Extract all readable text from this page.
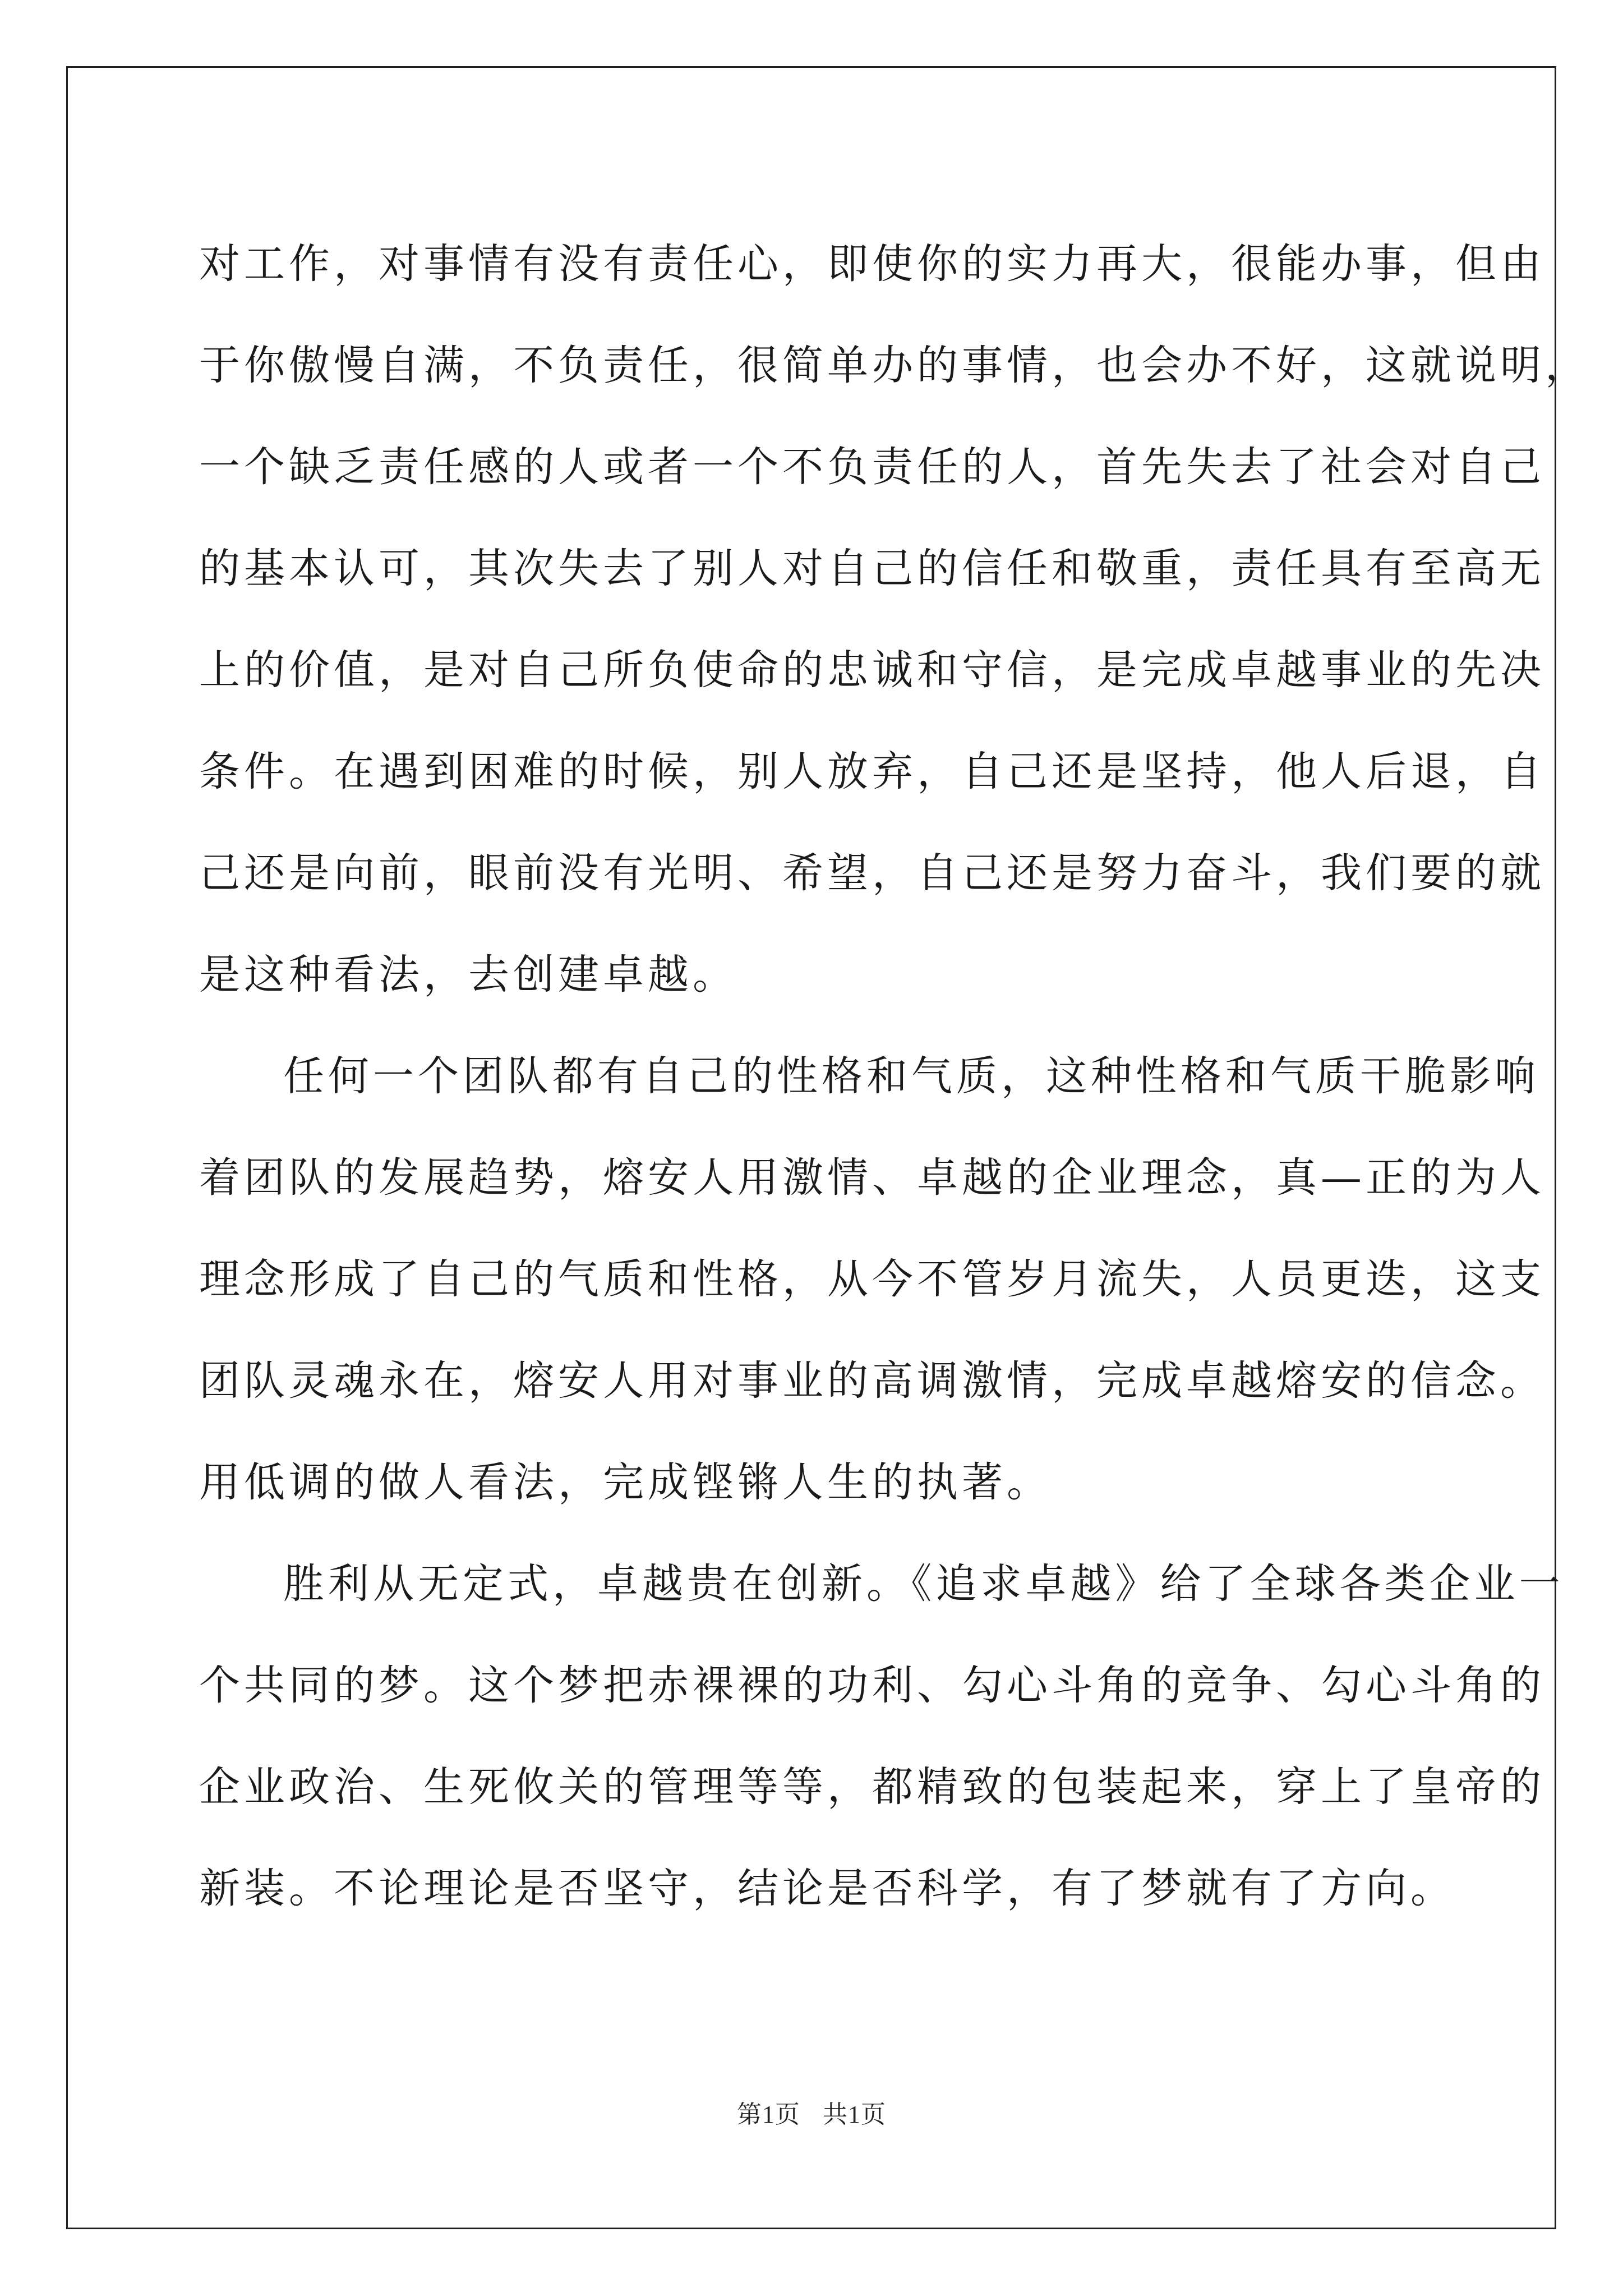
对工作，对事情有没有责任心，即使你的实力再大，很能办事，但由
于你傲慢自满，不负责任，很简单办的事情，也会办不好，这就说明，
一个缺乏责任感的人或者一个不负责任的人，首先失去了社会对自己
的基本认可，其次失去了别人对自己的信任和敬重，责任具有至高无
上的价值，是对自己所负使命的忠诚和守信，是完成卓越事业的先决
条件。在遇到困难的时候，别人放弃，自己还是坚持，他人后退，自
己还是向前，眼前没有光明、希望，自己还是努力奋斗，我们要的就
是这种看法，去创建卓越。
任何一个团队都有自己的性格和气质，这种性格和气质干脆影响
着团队的发展趋势，熔安人用激情、卓越的企业理念，真—正的为人
理念形成了自己的气质和性格，从今不管岁月流失，人员更迭，这支
团队灵魂永在，熔安人用对事业的高调激情，完成卓越熔安的信念。
用低调的做人看法，完成铿锵人生的执著。
胜利从无定式，卓越贵在创新。《追求卓越》给了全球各类企业一
个共同的梦。这个梦把赤裸裸的功利、勾心斗角的竞争、勾心斗角的
企业政治、生死攸关的管理等等，都精致的包装起来，穿上了皇帝的
新装。不论理论是否坚守，结论是否科学，有了梦就有了方向。
第1页 共1页
